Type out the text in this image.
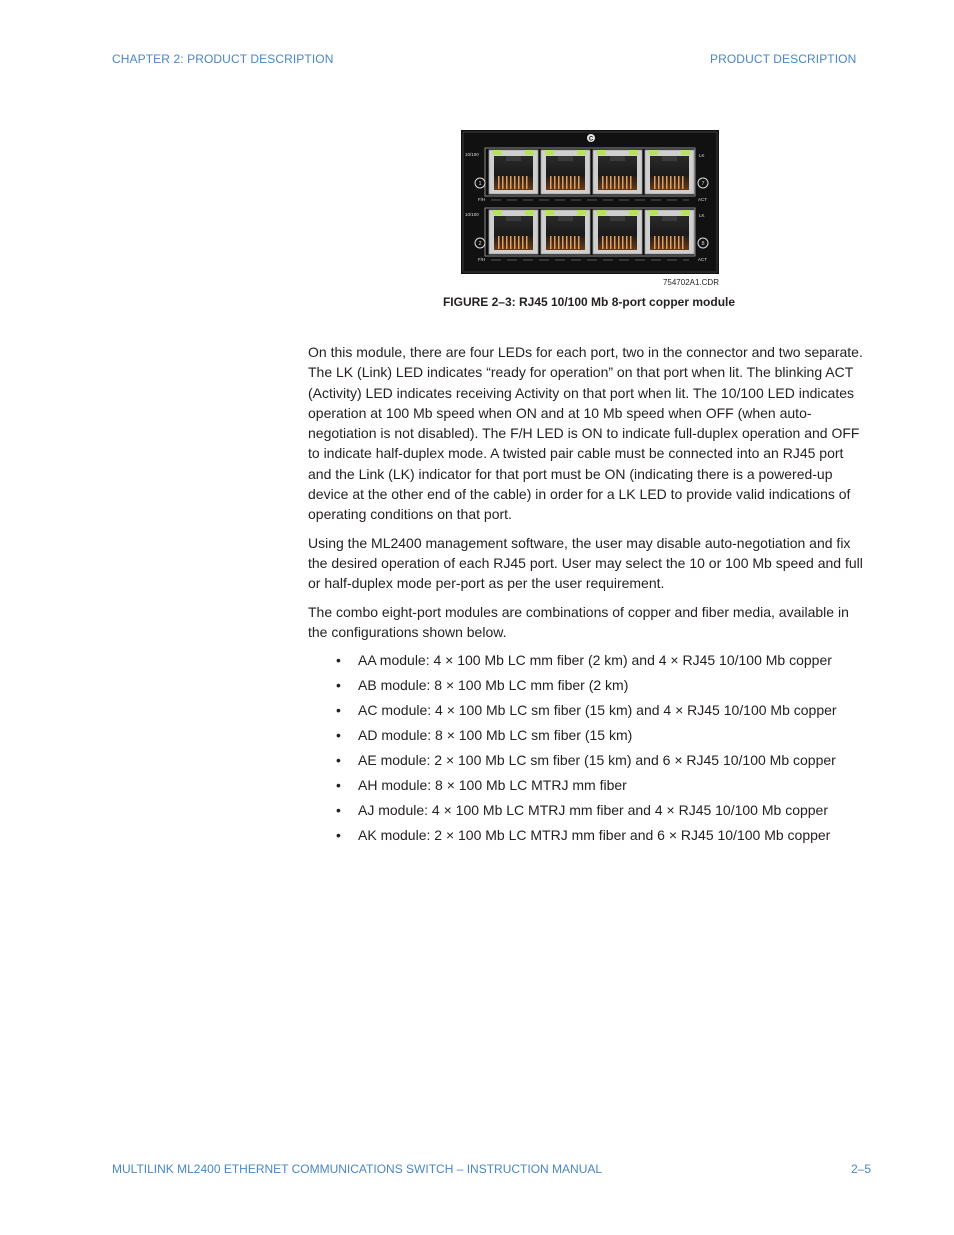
CHAPTER 2: PRODUCT DESCRIPTION	PRODUCT DESCRIPTION
C
10/100
10/100
F/H
F/H
LK
LK
ACT
ACT
1	7
2	8
754702A1.CDR
FIGURE 2–3: RJ45 10/100 Mb 8-port copper module

On this module, there are four LEDs for each port, two in the connector and two separate. The LK (Link) LED indicates “ready for operation” on that port when lit. The blinking ACT (Activity) LED indicates receiving Activity on that port when lit. The 10/100 LED indicates operation at 100 Mb speed when ON and at 10 Mb speed when OFF (when auto-negotiation is not disabled). The F/H LED is ON to indicate full-duplex operation and OFF to indicate half-duplex mode. A twisted pair cable must be connected into an RJ45 port and the Link (LK) indicator for that port must be ON (indicating there is a powered-up device at the other end of the cable) in order for a LK LED to provide valid indications of operating conditions on that port.

Using the ML2400 management software, the user may disable auto-negotiation and fix the desired operation of each RJ45 port. User may select the 10 or 100 Mb speed and full or half-duplex mode per-port as per the user requirement.

The combo eight-port modules are combinations of copper and fiber media, available in the configurations shown below.

• AA module: 4 × 100 Mb LC mm fiber (2 km) and 4 × RJ45 10/100 Mb copper
• AB module: 8 × 100 Mb LC mm fiber (2 km)
• AC module: 4 × 100 Mb LC sm fiber (15 km) and 4 × RJ45 10/100 Mb copper
• AD module: 8 × 100 Mb LC sm fiber (15 km)
• AE module: 2 × 100 Mb LC sm fiber (15 km) and 6 × RJ45 10/100 Mb copper
• AH module: 8 × 100 Mb LC MTRJ mm fiber
• AJ module: 4 × 100 Mb LC MTRJ mm fiber and 4 × RJ45 10/100 Mb copper
• AK module: 2 × 100 Mb LC MTRJ mm fiber and 6 × RJ45 10/100 Mb copper
MULTILINK ML2400 ETHERNET COMMUNICATIONS SWITCH – INSTRUCTION MANUAL	2–5
